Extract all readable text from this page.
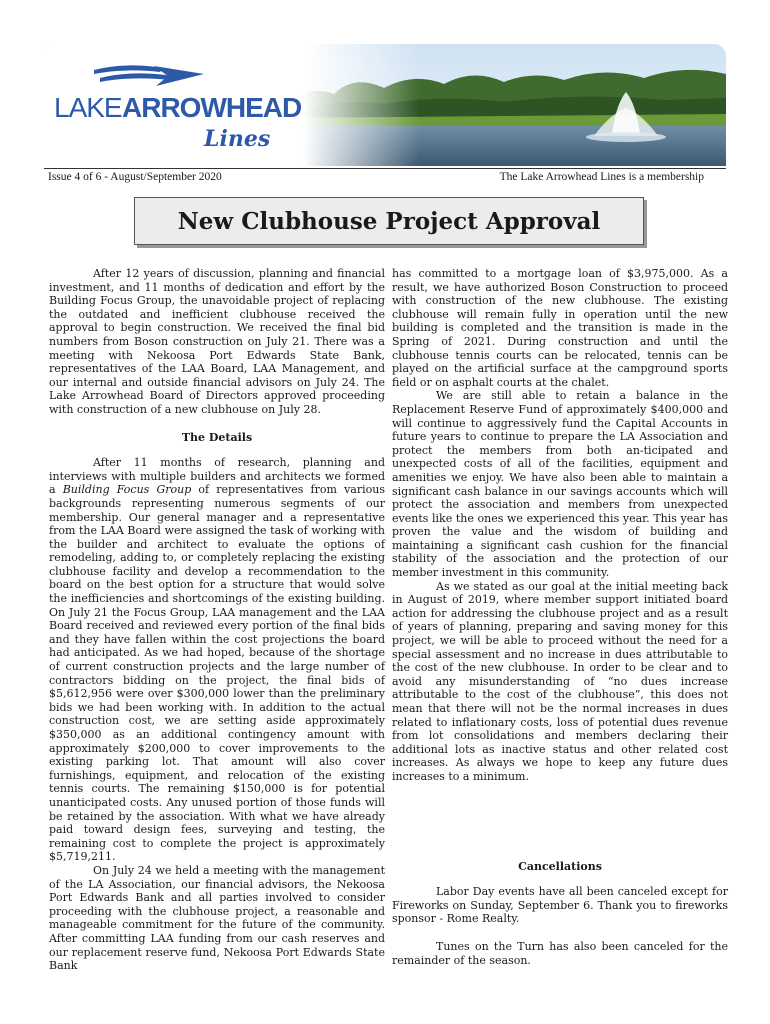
LAKE ARROWHEAD
Lines
Issue 4 of 6 - August/September 2020	The Lake Arrowhead Lines is a membership
New Clubhouse Project Approval

After 12 years of discussion, planning and financial investment, and 11 months of dedication and effort by the Building Focus Group, the unavoidable project of replacing the outdated and inefficient clubhouse received the approval to begin construction. We received the final bid numbers from Boson construction on July 21. There was a meeting with Nekoosa Port Edwards State Bank, representatives of the LAA Board, LAA Management, and our internal and outside financial advisors on July 24. The Lake Arrowhead Board of Directors approved proceeding with construction of a new clubhouse on July 28.

The Details

After 11 months of research, planning and interviews with multiple builders and architects we formed a Building Focus Group of representatives from various backgrounds representing numerous segments of our membership. Our general manager and a representative from the LAA Board were assigned the task of working with the builder and architect to evaluate the options of remodeling, adding to, or completely replacing the existing clubhouse facility and develop a recommendation to the board on the best option for a structure that would solve the inefficiencies and shortcomings of the existing building. On July 21 the Focus Group, LAA management and the LAA Board received and reviewed every portion of the final bids and they have fallen within the cost projections the board had anticipated. As we had hoped, because of the shortage of current construction projects and the large number of contractors bidding on the project, the final bids of $5,612,956 were over $300,000 lower than the preliminary bids we had been working with. In addition to the actual construction cost, we are setting aside approximately $350,000 as an additional contingency amount with approximately $200,000 to cover improvements to the existing parking lot. That amount will also cover furnishings, equipment, and relocation of the existing tennis courts. The remaining $150,000 is for potential unanticipated costs. Any unused portion of those funds will be retained by the association. With what we have already paid toward design fees, surveying and testing, the remaining cost to complete the project is approximately $5,719,211.

On July 24 we held a meeting with the management of the LA Association, our financial advisors, the Nekoosa Port Edwards Bank and all parties involved to consider proceeding with the clubhouse project, a reasonable and manageable commitment for the future of the community. After committing LAA funding from our cash reserves and our replacement reserve fund, Nekoosa Port Edwards State Bank

has committed to a mortgage loan of $3,975,000. As a result, we have authorized Boson Construction to proceed with construction of the new clubhouse. The existing clubhouse will remain fully in operation until the new building is completed and the transition is made in the Spring of 2021. During construction and until the clubhouse tennis courts can be relocated, tennis can be played on the artificial surface at the campground sports field or on asphalt courts at the chalet.

We are still able to retain a balance in the Replacement Reserve Fund of approximately $400,000 and will continue to aggressively fund the Capital Accounts in future years to continue to prepare the LA Association and protect the members from both an-ticipated and unexpected costs of all of the facilities, equipment and amenities we enjoy. We have also been able to maintain a significant cash balance in our savings accounts which will protect the association and members from unexpected events like the ones we experienced this year. This year has proven the value and the wisdom of building and maintaining a significant cash cushion for the financial stability of the association and the protection of our member investment in this community.

As we stated as our goal at the initial meeting back in August of 2019, where member support initiated board action for addressing the clubhouse project and as a result of years of planning, preparing and saving money for this project, we will be able to proceed without the need for a special assessment and no increase in dues attributable to the cost of the new clubhouse. In order to be clear and to avoid any misunderstanding of “no dues increase attributable to the cost of the clubhouse”, this does not mean that there will not be the normal increases in dues related to inflationary costs, loss of potential dues revenue from lot consolidations and members declaring their additional lots as inactive status and other related cost increases. As always we hope to keep any future dues increases to a minimum.

Cancellations

Labor Day events have all been canceled except for Fireworks on Sunday, September 6. Thank you to fireworks sponsor - Rome Realty.

Tunes on the Turn has also been canceled for the remainder of the season.
